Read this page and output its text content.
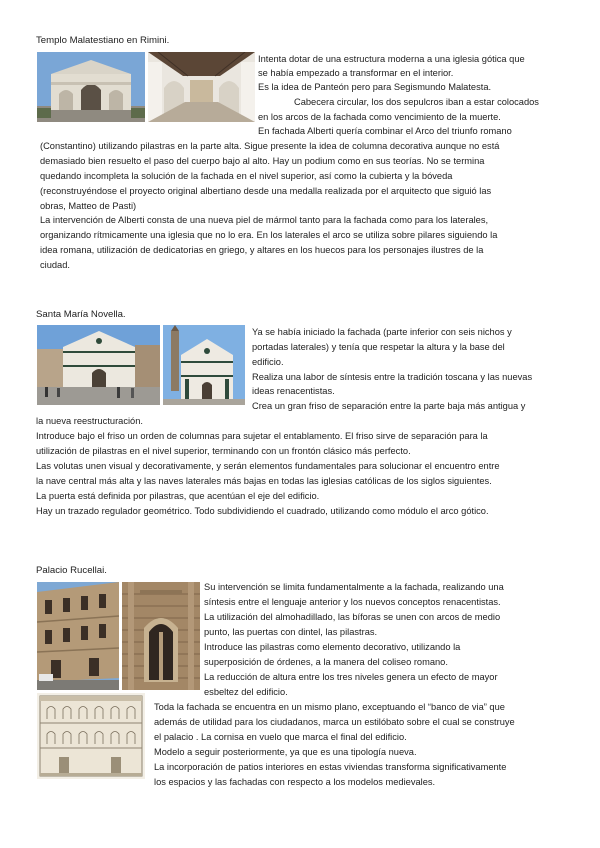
Templo Malatestiano en Rimini.
Intenta dotar de una estructura moderna a una iglesia gótica que
se había empezado a transformar en el interior.
Es la idea de Panteón pero para Segismundo Malatesta.
Cabecera circular, los dos sepulcros iban a estar colocados
en los arcos de la fachada como vencimiento de la muerte.
En fachada Alberti quería combinar el Arco del triunfo romano
(Constantino) utilizando pilastras en la parte alta. Sigue presente la idea de columna decorativa aunque no está
demasiado bien resuelto el paso del cuerpo bajo al alto. Hay un podium como en sus teorías. No se termina
quedando incompleta la solución de la fachada en el nivel superior, así como la cubierta y la bóveda
(reconstruyéndose el proyecto original albertiano desde una medalla realizada por el arquitecto que siguió las
obras, Matteo de Pasti)
La intervención de Alberti consta de una nueva piel de mármol tanto para la fachada como para los laterales,
organizando rítmicamente una iglesia que no lo era. En los laterales el arco se utiliza sobre pilares siguiendo la
idea romana, utilización de dedicatorias en griego, y altares en los huecos para los personajes ilustres de la
ciudad.
Santa María Novella.
Ya se había iniciado la fachada (parte inferior con seis nichos y
portadas laterales) y tenía que respetar la altura y la base del
edificio.
Realiza una labor de síntesis entre la tradición toscana y las nuevas
ideas renacentistas.
Crea un gran friso de separación entre la parte baja más antigua y
la nueva reestructuración.
Introduce bajo el friso un orden de columnas para sujetar el entablamento. El friso sirve de separación para la
utilización de pilastras en el nivel superior, terminando con un frontón clásico más perfecto.
Las volutas unen visual y decorativamente, y serán elementos fundamentales para solucionar el encuentro entre
la nave central más alta y las naves laterales más bajas en todas las iglesias católicas de los siglos siguientes.
La puerta está definida por pilastras, que acentúan el eje del edificio.
Hay un trazado regulador geométrico. Todo subdividiendo el cuadrado, utilizando como módulo el arco gótico.
Palacio Rucellai.
Su intervención se limita fundamentalmente a la fachada, realizando una
síntesis entre el lenguaje anterior y los nuevos conceptos renacentistas.
La utilización del almohadillado, las bíforas se unen con arcos de medio
punto, las puertas con dintel, las pilastras.
Introduce las pilastras como elemento decorativo, utilizando la
superposición de órdenes, a la manera del coliseo romano.
La reducción de altura entre los tres niveles genera un efecto de mayor
esbeltez del edificio.
Toda la fachada se encuentra en un mismo plano, exceptuando el “banco de via” que
además de utilidad para los ciudadanos, marca un estilóbato sobre el cual se construye
el palacio . La cornisa en vuelo que marca el final del edificio.
Modelo a seguir posteriormente, ya que es una tipología nueva.
La incorporación de patios interiores en estas viviendas transforma significativamente
los espacios y las fachadas con respecto a los modelos medievales.
